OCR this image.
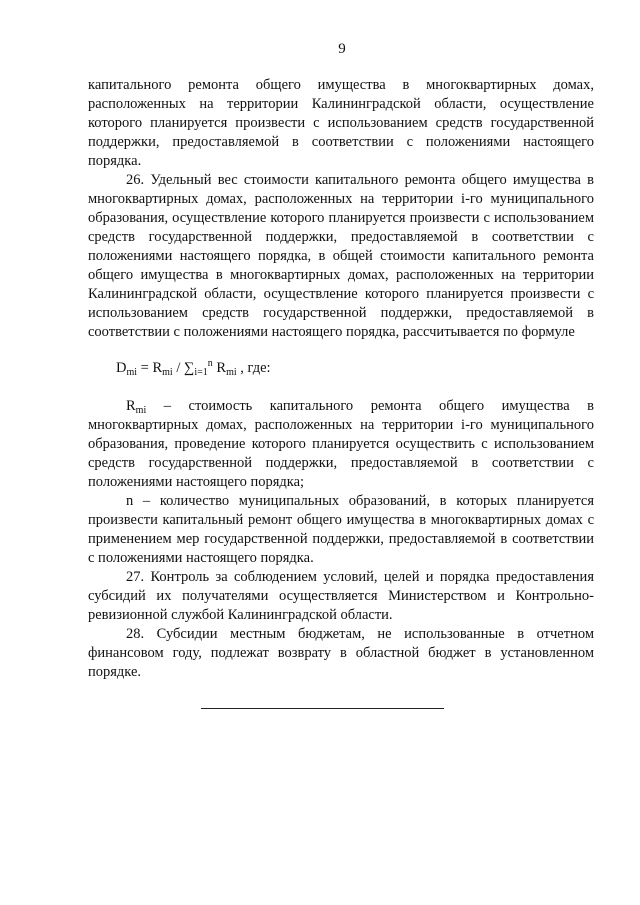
9

капитального ремонта общего имущества в многоквартирных домах, расположенных на территории Калининградской области, осуществление которого планируется произвести с использованием средств государственной поддержки, предоставляемой в соответствии с положениями настоящего порядка.

26. Удельный вес стоимости капитального ремонта общего имущества в многоквартирных домах, расположенных на территории i-го муниципального образования, осуществление которого планируется произвести с использованием средств государственной поддержки, предоставляемой в соответствии с положениями настоящего порядка, в общей стоимости капитального ремонта общего имущества в многоквартирных домах, расположенных на территории Калининградской области, осуществление которого планируется произвести с использованием средств государственной поддержки, предоставляемой в соответствии с положениями настоящего порядка, рассчитывается по формуле

$D_{mi} = R_{mi} / \sum_{i=1}^n$ $R_{mi}$ , где:

$R_{mi}$ – стоимость капитального ремонта общего имущества в многоквартирных домах, расположенных на территории i-го муниципального образования, проведение которого планируется осуществить с использованием средств государственной поддержки, предоставляемой в соответствии с положениями настоящего порядка;

n – количество муниципальных образований, в которых планируется произвести капитальный ремонт общего имущества в многоквартирных домах с применением мер государственной поддержки, предоставляемой в соответствии с положениями настоящего порядка.

27. Контроль за соблюдением условий, целей и порядка предоставления субсидий их получателями осуществляется Министерством и Контрольно-ревизионной службой Калининградской области.

28. Субсидии местным бюджетам, не использованные в отчетном финансовом году, подлежат возврату в областной бюджет в установленном порядке.
